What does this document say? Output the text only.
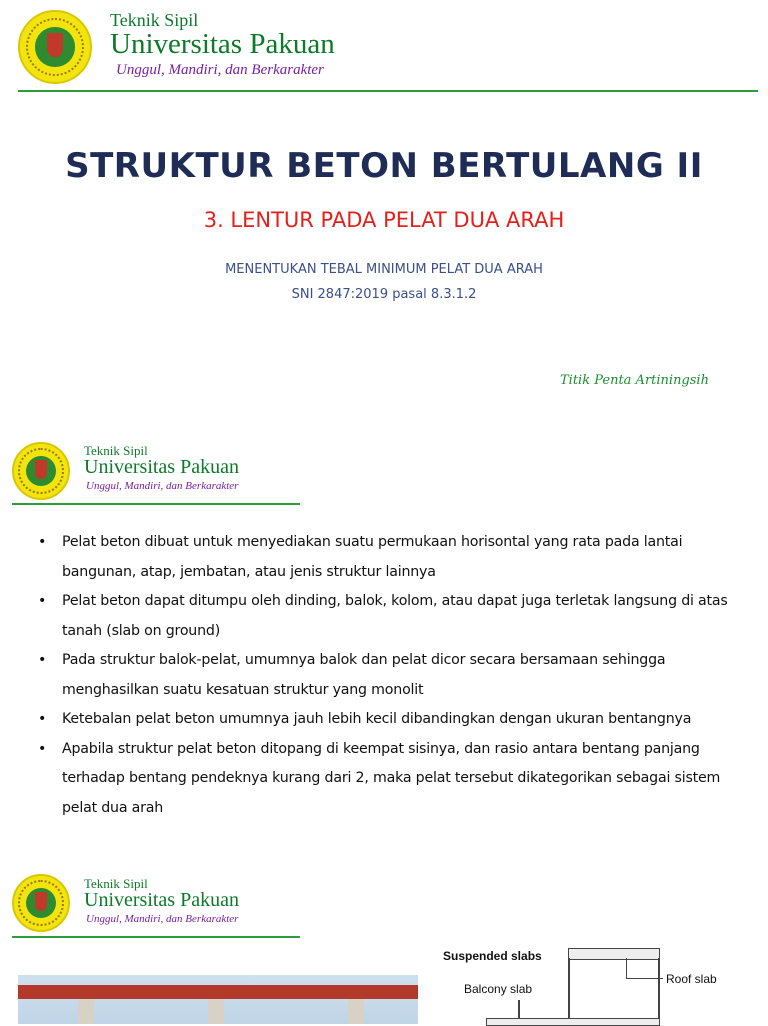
Teknik Sipil
Universitas Pakuan
Unggul, Mandiri, dan Berkarakter
STRUKTUR BETON BERTULANG II
3. LENTUR PADA PELAT DUA ARAH
MENENTUKAN TEBAL MINIMUM PELAT DUA ARAH
SNI 2847:2019 pasal 8.3.1.2
Titik Penta Artiningsih
Teknik Sipil
Universitas Pakuan
Unggul, Mandiri, dan Berkarakter
• Pelat beton dibuat untuk menyediakan suatu permukaan horisontal yang rata pada lantai bangunan, atap, jembatan, atau jenis struktur lainnya
• Pelat beton dapat ditumpu oleh dinding, balok, kolom, atau dapat juga terletak langsung di atas tanah (slab on ground)
• Pada struktur balok-pelat, umumnya balok dan pelat dicor secara bersamaan sehingga menghasilkan suatu kesatuan struktur yang monolit
• Ketebalan pelat beton umumnya jauh lebih kecil dibandingkan dengan ukuran bentangnya
• Apabila struktur pelat beton ditopang di keempat sisinya, dan rasio antara bentang panjang terhadap bentang pendeknya kurang dari 2, maka pelat tersebut dikategorikan sebagai sistem pelat dua arah
Teknik Sipil
Universitas Pakuan
Unggul, Mandiri, dan Berkarakter
Suspended slabs
Roof slab
Balcony slab
